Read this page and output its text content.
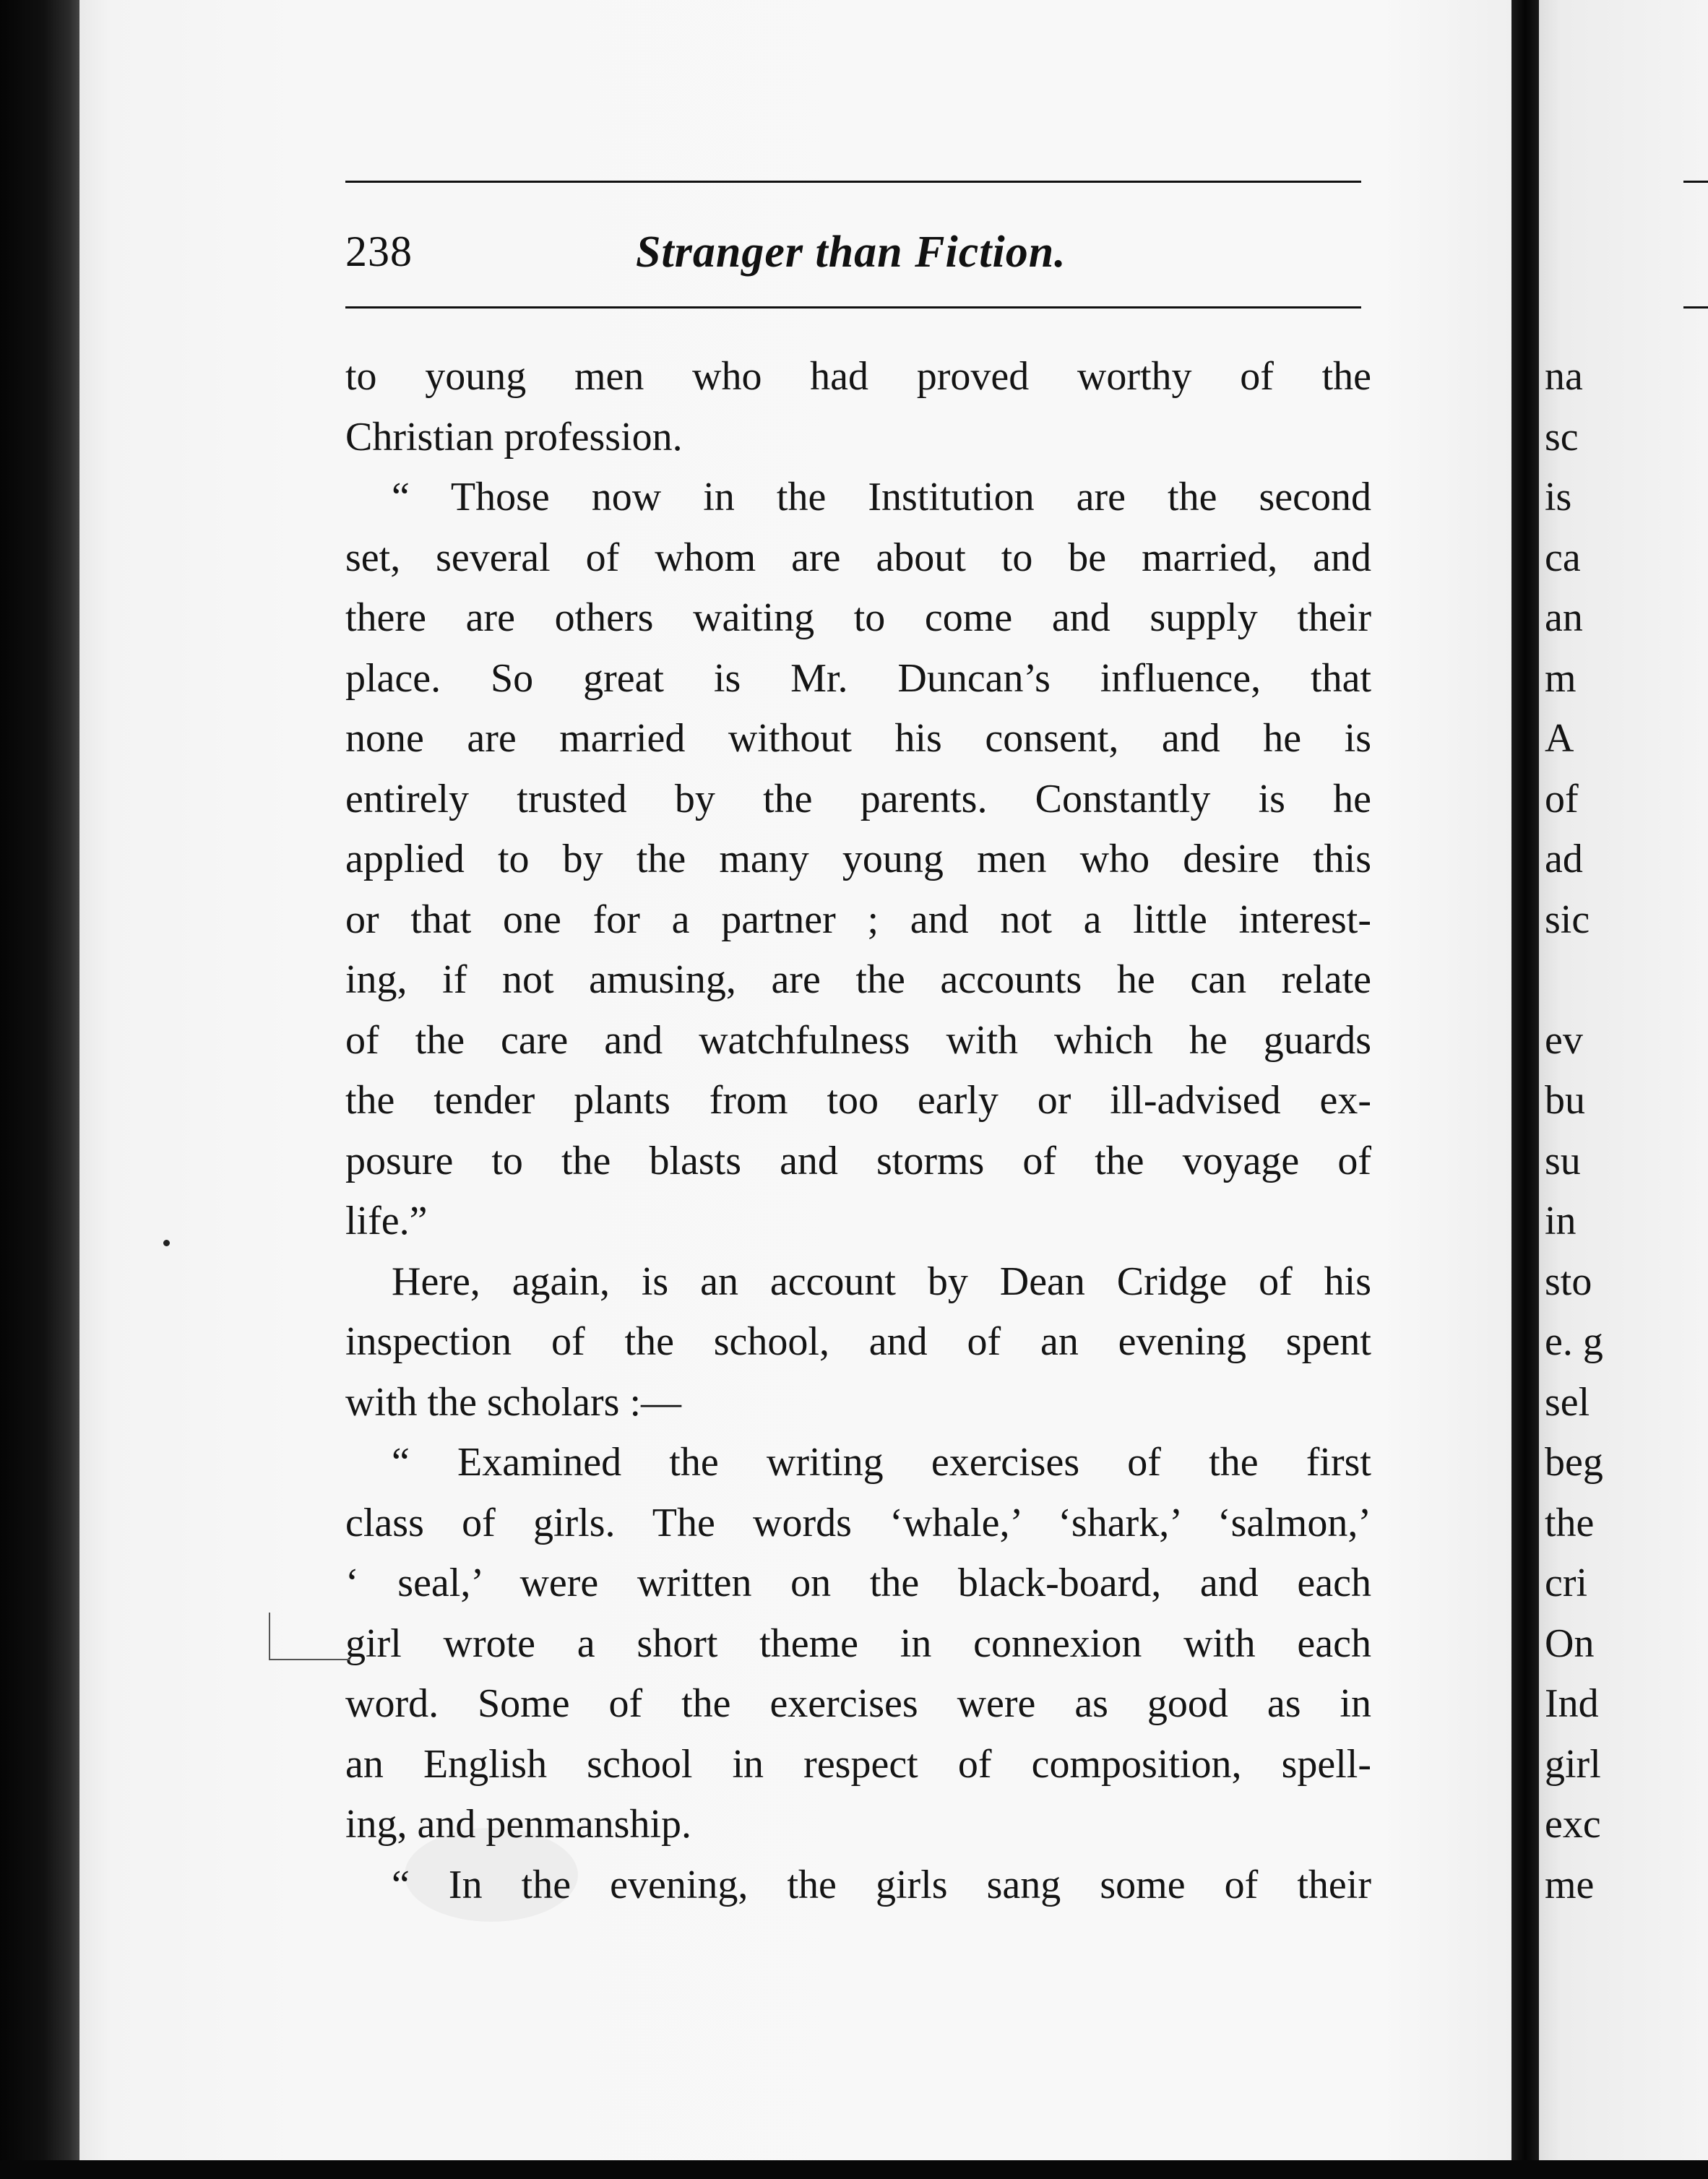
238	Stranger than Fiction.
to young men who had proved worthy of the
Christian profession.
“ Those now in the Institution are the second
set, several of whom are about to be married, and
there are others waiting to come and supply their
place. So great is Mr. Duncan’s influence, that
none are married without his consent, and he is
entirely trusted by the parents. Constantly is he
applied to by the many young men who desire this
or that one for a partner ; and not a little interest-
ing, if not amusing, are the accounts he can relate
of the care and watchfulness with which he guards
the tender plants from too early or ill-advised ex-
posure to the blasts and storms of the voyage of
life.”
Here, again, is an account by Dean Cridge of his
inspection of the school, and of an evening spent
with the scholars :—
“ Examined the writing exercises of the first
class of girls. The words ‘whale,’ ‘shark,’ ‘salmon,’
‘ seal,’ were written on the black-board, and each
girl wrote a short theme in connexion with each
word. Some of the exercises were as good as in
an English school in respect of composition, spell-
ing, and penmanship.
“ In the evening, the girls sang some of their
na
sc
is
ca
an
m
A
of
ad
sic
ev
bu
su
in
sto
e. g
sel
beg
the
cri
On
Ind
girl
exc
me
